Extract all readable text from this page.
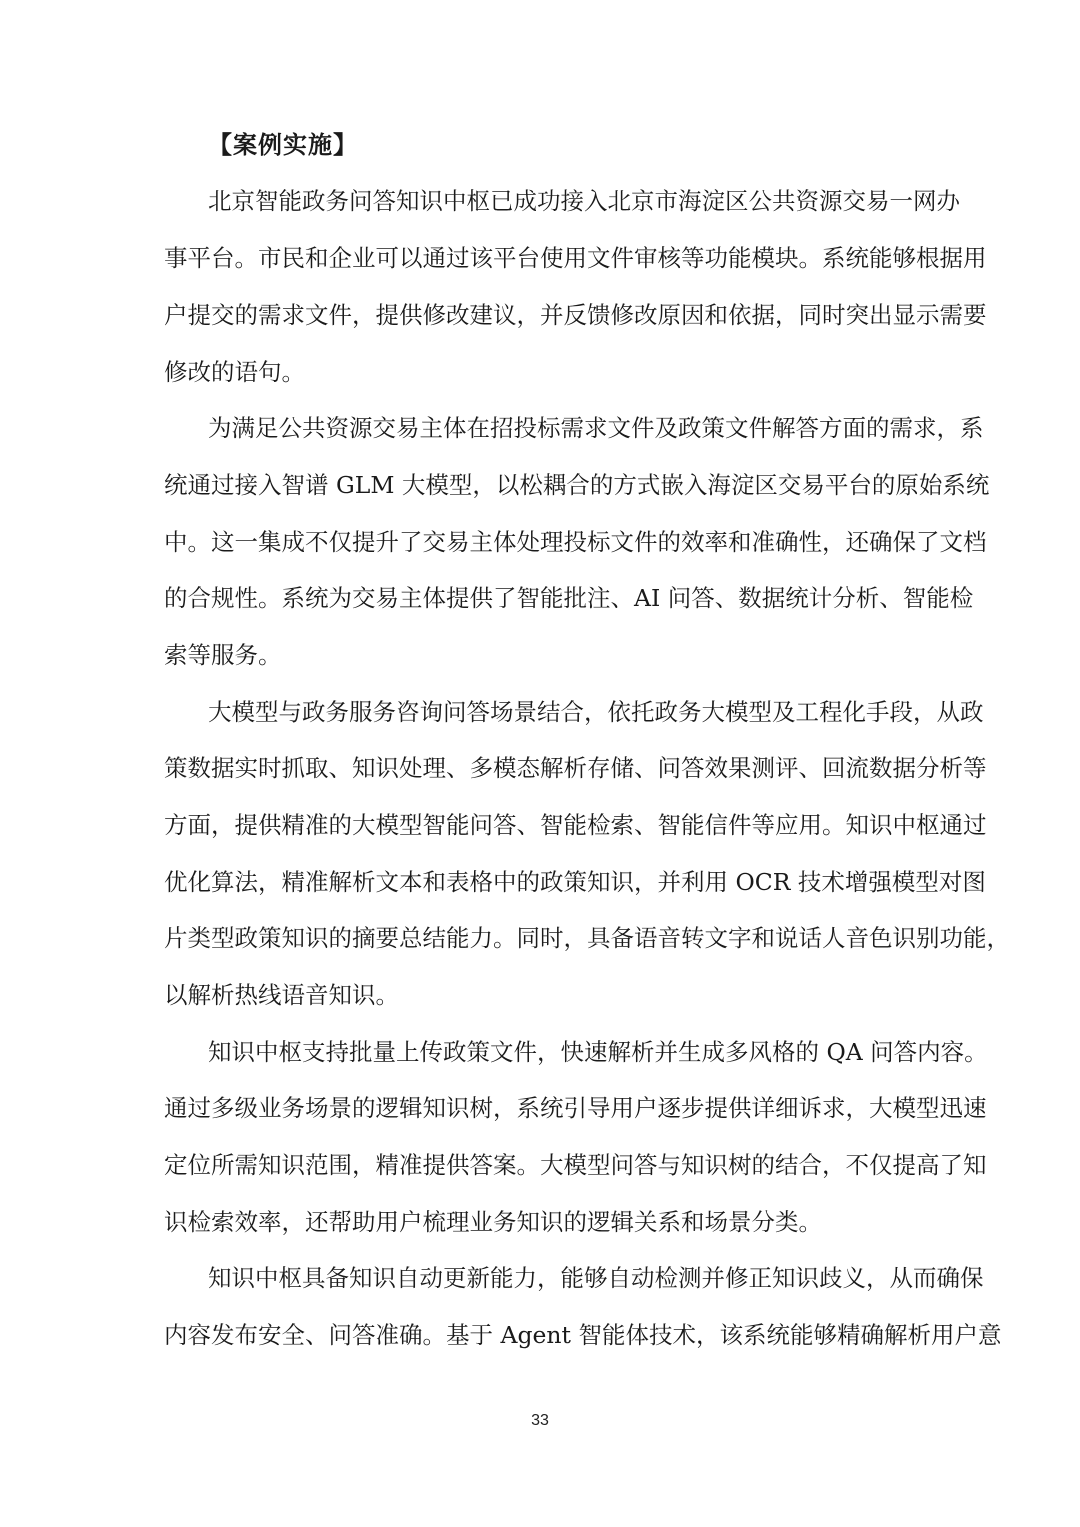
【案例实施】
北京智能政务问答知识中枢已成功接入北京市海淀区公共资源交易一网办
事平台。市民和企业可以通过该平台使用文件审核等功能模块。系统能够根据用
户提交的需求文件，提供修改建议，并反馈修改原因和依据，同时突出显示需要
修改的语句。
为满足公共资源交易主体在招投标需求文件及政策文件解答方面的需求，系
统通过接入智谱 GLM 大模型，以松耦合的方式嵌入海淀区交易平台的原始系统
中。这一集成不仅提升了交易主体处理投标文件的效率和准确性，还确保了文档
的合规性。系统为交易主体提供了智能批注、AI 问答、数据统计分析、智能检
索等服务。
大模型与政务服务咨询问答场景结合，依托政务大模型及工程化手段，从政
策数据实时抓取、知识处理、多模态解析存储、问答效果测评、回流数据分析等
方面，提供精准的大模型智能问答、智能检索、智能信件等应用。知识中枢通过
优化算法，精准解析文本和表格中的政策知识，并利用 OCR 技术增强模型对图
片类型政策知识的摘要总结能力。同时，具备语音转文字和说话人音色识别功能，
以解析热线语音知识。
知识中枢支持批量上传政策文件，快速解析并生成多风格的 QA 问答内容。
通过多级业务场景的逻辑知识树，系统引导用户逐步提供详细诉求，大模型迅速
定位所需知识范围，精准提供答案。大模型问答与知识树的结合，不仅提高了知
识检索效率，还帮助用户梳理业务知识的逻辑关系和场景分类。
知识中枢具备知识自动更新能力，能够自动检测并修正知识歧义，从而确保
内容发布安全、问答准确。基于 Agent 智能体技术，该系统能够精确解析用户意
33
